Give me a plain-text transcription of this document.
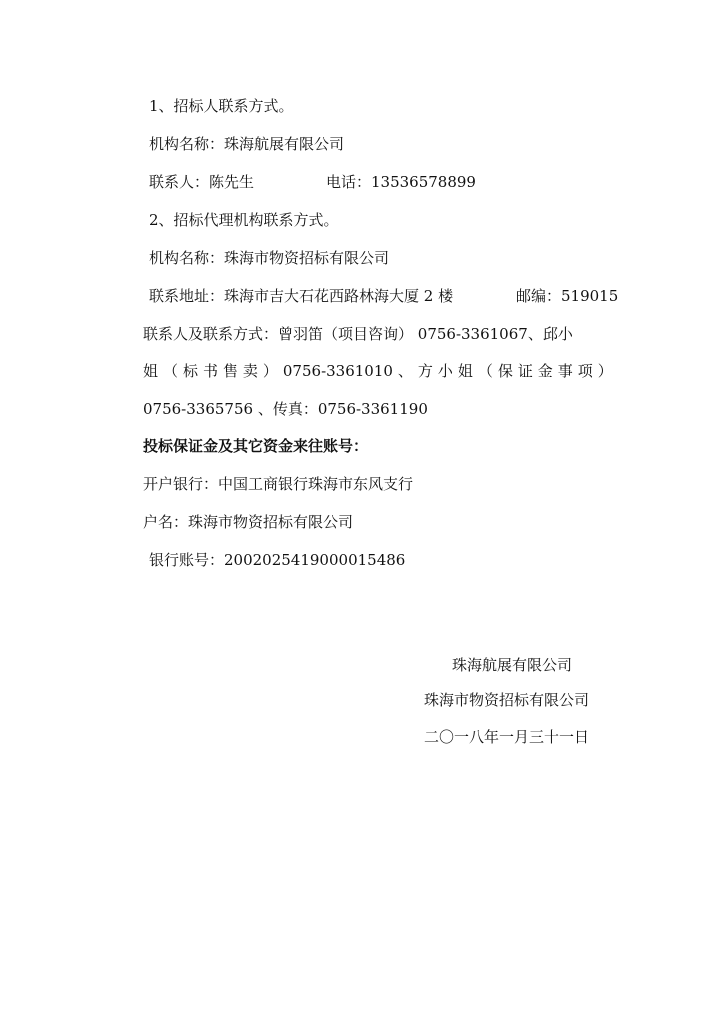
1、招标人联系方式。
机构名称：珠海航展有限公司
联系人：陈先生	电话：13536578899
2、招标代理机构联系方式。
机构名称：珠海市物资招标有限公司
联系地址：珠海市吉大石花西路林海大厦 2 楼	邮编：519015
联系人及联系方式：曾羽笛（项目咨询） 0756-3361067、邱小
姐 （ 标 书 售 卖 ） 0756-3361010 、 方 小 姐 （ 保 证 金 事 项 ）
0756-3365756 、传真：0756-3361190
投标保证金及其它资金来往账号：
开户银行：中国工商银行珠海市东风支行
户名：珠海市物资招标有限公司
银行账号：2002025419000015486
珠海航展有限公司
珠海市物资招标有限公司
二〇一八年一月三十一日
